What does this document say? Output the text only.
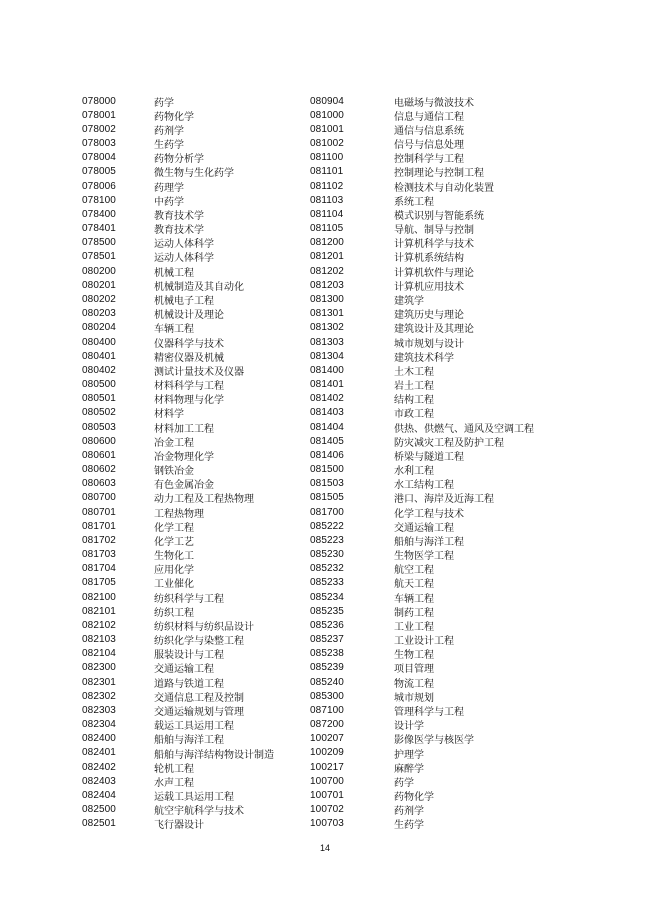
078000	药学
078001	药物化学
078002	药剂学
078003	生药学
078004	药物分析学
078005	微生物与生化药学
078006	药理学
078100	中药学
078400	教育技术学
078401	教育技术学
078500	运动人体科学
078501	运动人体科学
080200	机械工程
080201	机械制造及其自动化
080202	机械电子工程
080203	机械设计及理论
080204	车辆工程
080400	仪器科学与技术
080401	精密仪器及机械
080402	测试计量技术及仪器
080500	材料科学与工程
080501	材料物理与化学
080502	材料学
080503	材料加工工程
080600	冶金工程
080601	冶金物理化学
080602	钢铁冶金
080603	有色金属冶金
080700	动力工程及工程热物理
080701	工程热物理
081701	化学工程
081702	化学工艺
081703	生物化工
081704	应用化学
081705	工业催化
082100	纺织科学与工程
082101	纺织工程
082102	纺织材料与纺织品设计
082103	纺织化学与染整工程
082104	服装设计与工程
082300	交通运输工程
082301	道路与铁道工程
082302	交通信息工程及控制
082303	交通运输规划与管理
082304	载运工具运用工程
082400	船舶与海洋工程
082401	船舶与海洋结构物设计制造
082402	轮机工程
082403	水声工程
082404	运载工具运用工程
082500	航空宇航科学与技术
082501	飞行器设计
080904	电磁场与微波技术
081000	信息与通信工程
081001	通信与信息系统
081002	信号与信息处理
081100	控制科学与工程
081101	控制理论与控制工程
081102	检测技术与自动化装置
081103	系统工程
081104	模式识别与智能系统
081105	导航、制导与控制
081200	计算机科学与技术
081201	计算机系统结构
081202	计算机软件与理论
081203	计算机应用技术
081300	建筑学
081301	建筑历史与理论
081302	建筑设计及其理论
081303	城市规划与设计
081304	建筑技术科学
081400	土木工程
081401	岩土工程
081402	结构工程
081403	市政工程
081404	供热、供燃气、通风及空调工程
081405	防灾减灾工程及防护工程
081406	桥梁与隧道工程
081500	水利工程
081503	水工结构工程
081505	港口、海岸及近海工程
081700	化学工程与技术
085222	交通运输工程
085223	船舶与海洋工程
085230	生物医学工程
085232	航空工程
085233	航天工程
085234	车辆工程
085235	制药工程
085236	工业工程
085237	工业设计工程
085238	生物工程
085239	项目管理
085240	物流工程
085300	城市规划
087100	管理科学与工程
087200	设计学
100207	影像医学与核医学
100209	护理学
100217	麻醉学
100700	药学
100701	药物化学
100702	药剂学
100703	生药学
14
